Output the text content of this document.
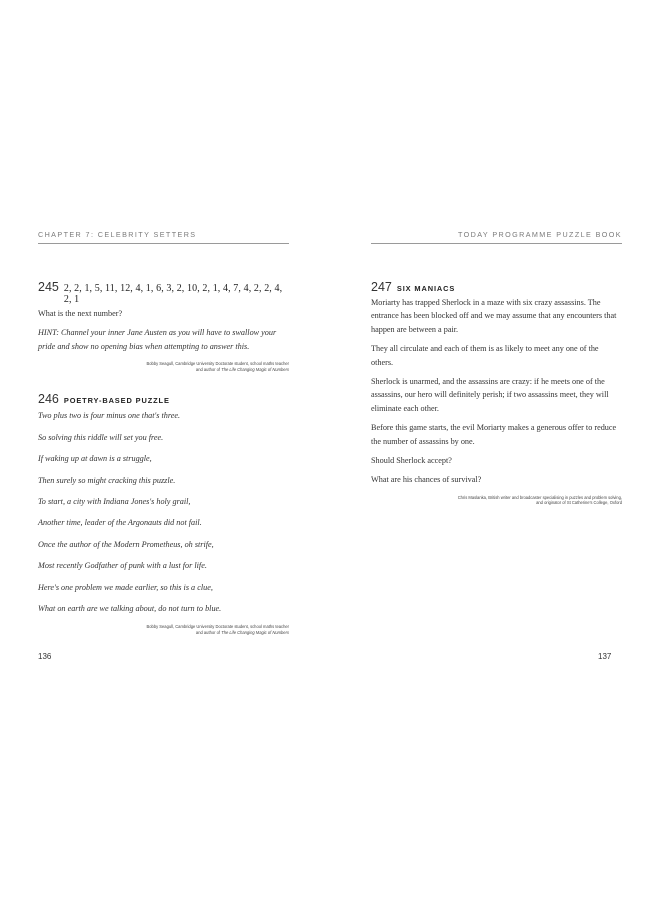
CHAPTER 7: CELEBRITY SETTERS
245 2, 2, 1, 5, 11, 12, 4, 1, 6, 3, 2, 10, 2, 1, 4, 7, 4, 2, 2, 4, 2, 1

What is the next number?

HINT: Channel your inner Jane Austen as you will have to swallow your pride and show no opening bias when attempting to answer this.

Bobby Seagull, Cambridge University Doctorate student, school maths teacher
and author of The Life Changing Magic of Numbers
246 POETRY-BASED PUZZLE

Two plus two is four minus one that's three.

So solving this riddle will set you free.

If waking up at dawn is a struggle,

Then surely so might cracking this puzzle.

To start, a city with Indiana Jones's holy grail,

Another time, leader of the Argonauts did not fail.

Once the author of the Modern Prometheus, oh strife,

Most recently Godfather of punk with a lust for life.

Here's one problem we made earlier, so this is a clue,

What on earth are we talking about, do not turn to blue.

Bobby Seagull, Cambridge University Doctorate student, school maths teacher
and author of The Life Changing Magic of Numbers
TODAY PROGRAMME PUZZLE BOOK
247 SIX MANIACS

Moriarty has trapped Sherlock in a maze with six crazy assassins. The entrance has been blocked off and we may assume that any encounters that happen are between a pair.

They all circulate and each of them is as likely to meet any one of the others.

Sherlock is unarmed, and the assassins are crazy: if he meets one of the assassins, our hero will definitely perish; if two assassins meet, they will eliminate each other.

Before this game starts, the evil Moriarty makes a generous offer to reduce the number of assassins by one.

Should Sherlock accept?

What are his chances of survival?

Chris Maslanka, British writer and broadcaster specialising in puzzles and problem solving,
and originator of St Catherine's College, Oxford
136	137
